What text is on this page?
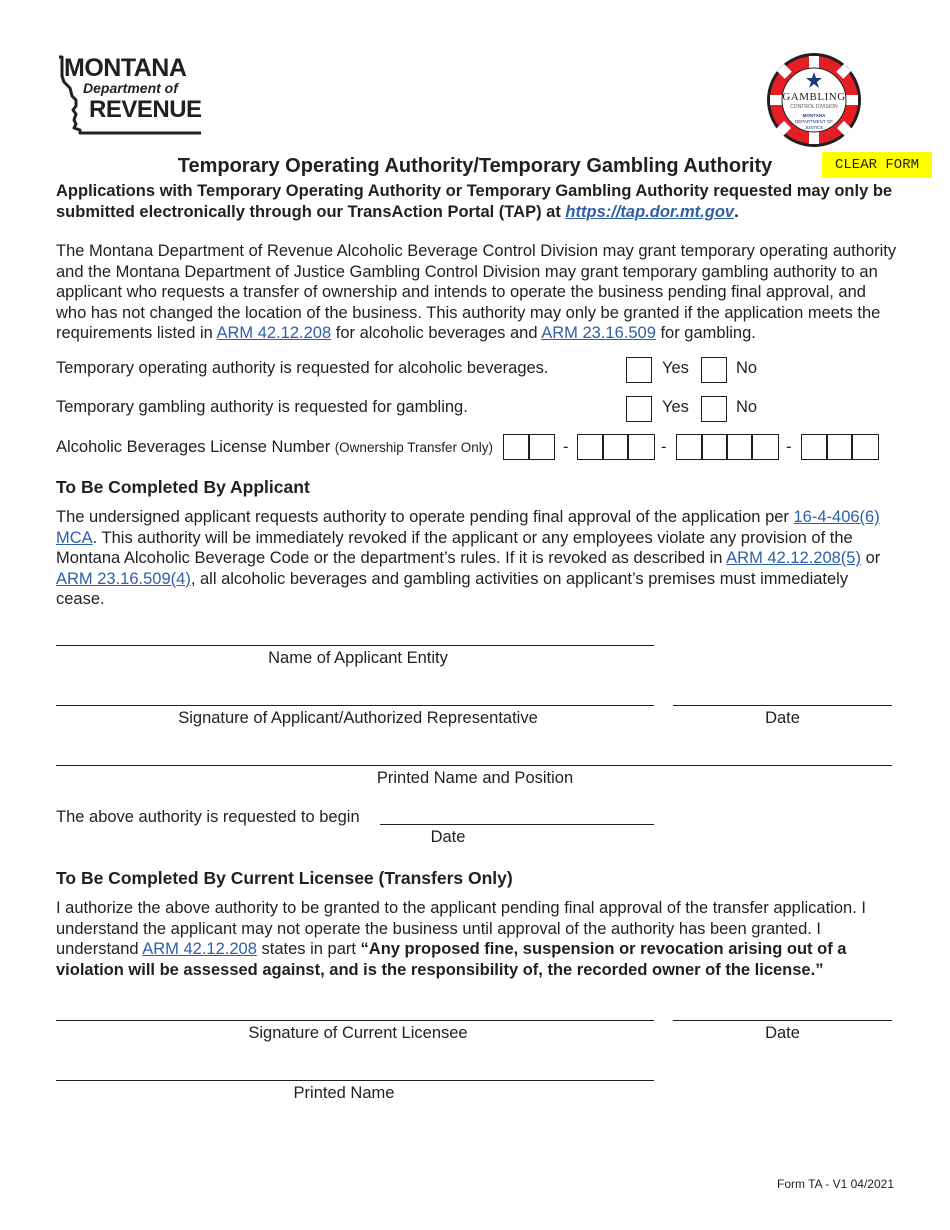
MONTANA
Department of
REVENUE	GAMBLING
CONTROL DIVISION
MONTANA
DEPARTMENT OF
JUSTICE
Temporary Operating Authority/Temporary Gambling Authority	CLEAR FORM
Applications with Temporary Operating Authority or Temporary Gambling Authority requested may only be submitted electronically through our TransAction Portal (TAP) at https://tap.dor.mt.gov.
The Montana Department of Revenue Alcoholic Beverage Control Division may grant temporary operating authority and the Montana Department of Justice Gambling Control Division may grant temporary gambling authority to an applicant who requests a transfer of ownership and intends to operate the business pending final approval, and who has not changed the location of the business. This authority may only be granted if the application meets the requirements listed in ARM 42.12.208 for alcoholic beverages and ARM 23.16.509 for gambling.
Temporary operating authority is requested for alcoholic beverages.	Yes	No
Temporary gambling authority is requested for gambling.	Yes	No
Alcoholic Beverages License Number (Ownership Transfer Only)	-	-	-
To Be Completed By Applicant
The undersigned applicant requests authority to operate pending final approval of the application per 16-4-406(6) MCA. This authority will be immediately revoked if the applicant or any employees violate any provision of the Montana Alcoholic Beverage Code or the department’s rules. If it is revoked as described in ARM 42.12.208(5) or ARM 23.16.509(4), all alcoholic beverages and gambling activities on applicant’s premises must immediately cease.
Name of Applicant Entity
Signature of Applicant/Authorized Representative	Date
Printed Name and Position
The above authority is requested to begin
Date
To Be Completed By Current Licensee (Transfers Only)
I authorize the above authority to be granted to the applicant pending final approval of the transfer application. I understand the applicant may not operate the business until approval of the authority has been granted. I understand ARM 42.12.208 states in part “Any proposed fine, suspension or revocation arising out of a violation will be assessed against, and is the responsibility of, the recorded owner of the license.”
Signature of Current Licensee	Date
Printed Name
Form TA - V1 04/2021
